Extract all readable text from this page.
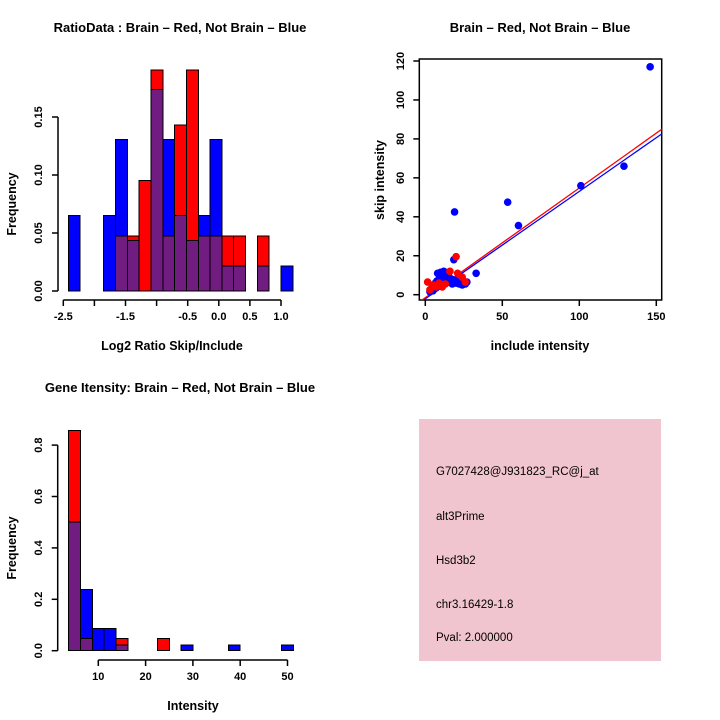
0.00
0.05
0.10
0.15
-2.5	-1.5	-0.5 0.0 0.5 1.0	0	50	100	150
0
20
40
60
80
100
120
0.0
0.2
0.4
0.6
0.8
10	20	30	40	50
G7027428@J931823_RC@j_at
alt3Prime
Hsd3b2
chr3.16429-1.8
Pval: 2.000000
RatioData : Brain – Red, Not Brain – Blue	Brain – Red, Not Brain – Blue
Gene Itensity: Brain – Red, Not Brain – Blue
Log2 Ratio Skip/Include	include intensity
Intensity
Frequency	skip intensity
Frequency
